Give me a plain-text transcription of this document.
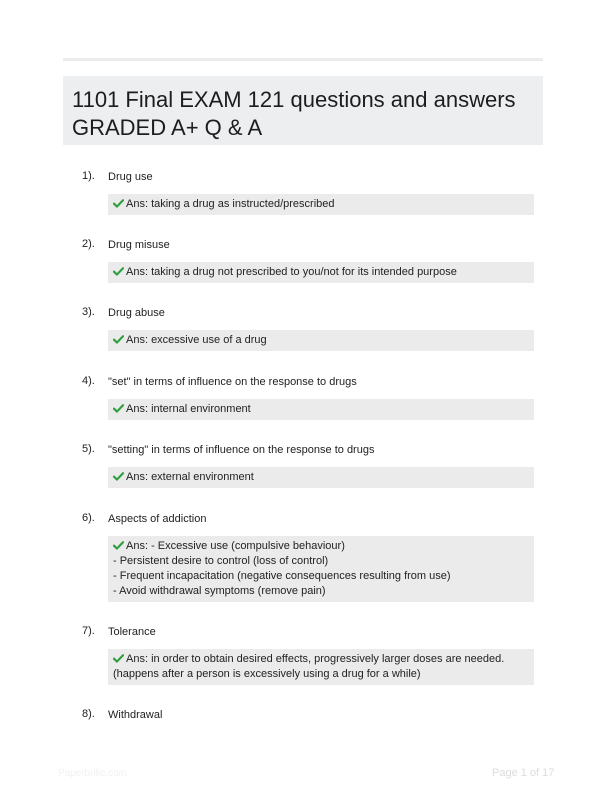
1101 Final EXAM 121 questions and answers
GRADED A+ Q & A
1). Drug use
Ans: taking a drug as instructed/prescribed
2). Drug misuse
Ans: taking a drug not prescribed to you/not for its intended purpose
3). Drug abuse
Ans: excessive use of a drug
4). "set" in terms of influence on the response to drugs
Ans: internal environment
5). "setting" in terms of influence on the response to drugs
Ans: external environment
6). Aspects of addiction
Ans: - Excessive use (compulsive behaviour)
- Persistent desire to control (loss of control)
- Frequent incapacitation (negative consequences resulting from use)
- Avoid withdrawal symptoms (remove pain)
7). Tolerance
Ans: in order to obtain desired effects, progressively larger doses are needed.
(happens after a person is excessively using a drug for a while)
8). Withdrawal
Paperbrilic.com	Page 1 of 17
